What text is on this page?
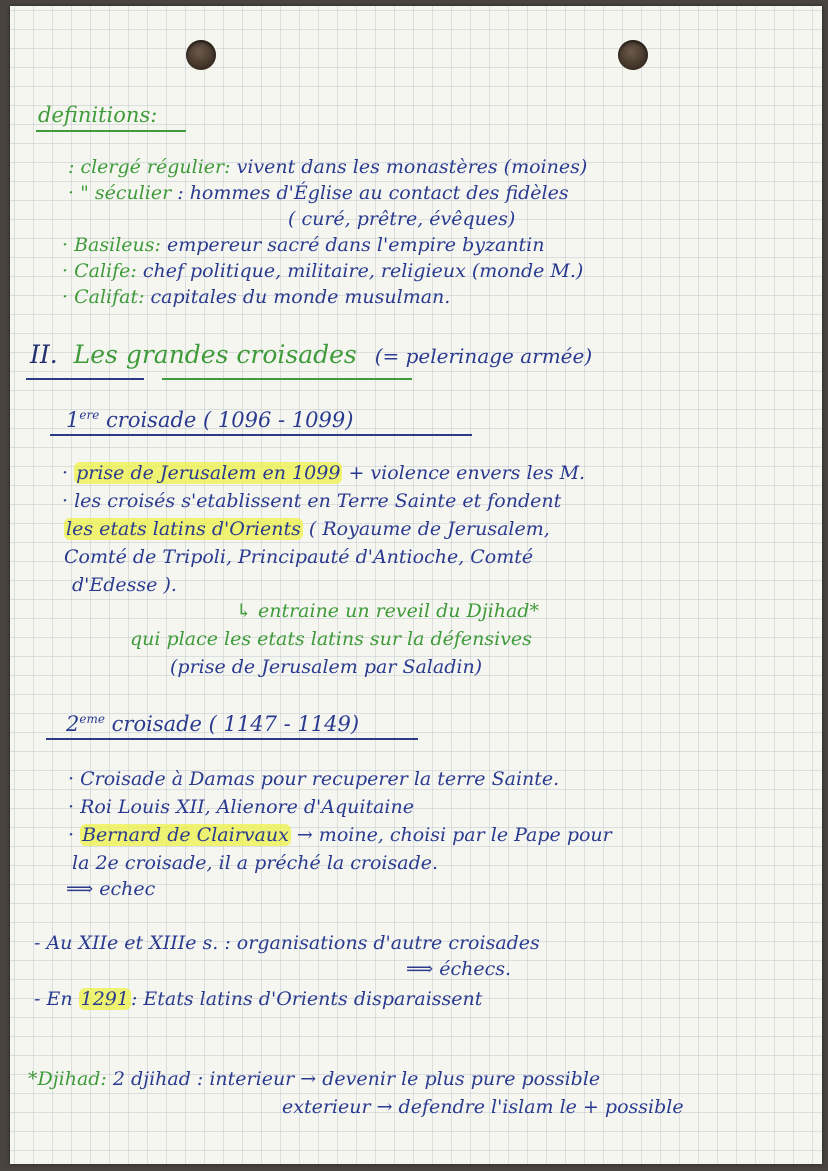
definitions:
: clergé régulier: vivent dans les monastères (moines)
· " séculier : hommes d'Église au contact des fidèles
( curé, prêtre, évêques)
· Basileus: empereur sacré dans l'empire byzantin
· Calife: chef politique, militaire, religieux (monde M.)
· Califat: capitales du monde musulman.
II. Les grandes croisades (= pelerinage armée)
1ere croisade ( 1096 - 1099)
· prise de Jerusalem en 1099 + violence envers les M.
· les croisés s'etablissent en Terre Sainte et fondent
les etats latins d'Orients ( Royaume de Jerusalem,
Comté de Tripoli, Principauté d'Antioche, Comté
d'Edesse ).
↳ entraine un reveil du Djihad*
qui place les etats latins sur la défensives
(prise de Jerusalem par Saladin)
2eme croisade ( 1147 - 1149)
· Croisade à Damas pour recuperer la terre Sainte.
· Roi Louis XII, Alienore d'Aquitaine
· Bernard de Clairvaux → moine, choisi par le Pape pour
la 2e croisade, il a préché la croisade.
⟹ echec
- Au XIIe et XIIIe s. : organisations d'autre croisades
⟹ échecs.
- En 1291 : Etats latins d'Orients disparaissent
*Djihad: 2 djihad : interieur → devenir le plus pure possible
exterieur → defendre l'islam le + possible
